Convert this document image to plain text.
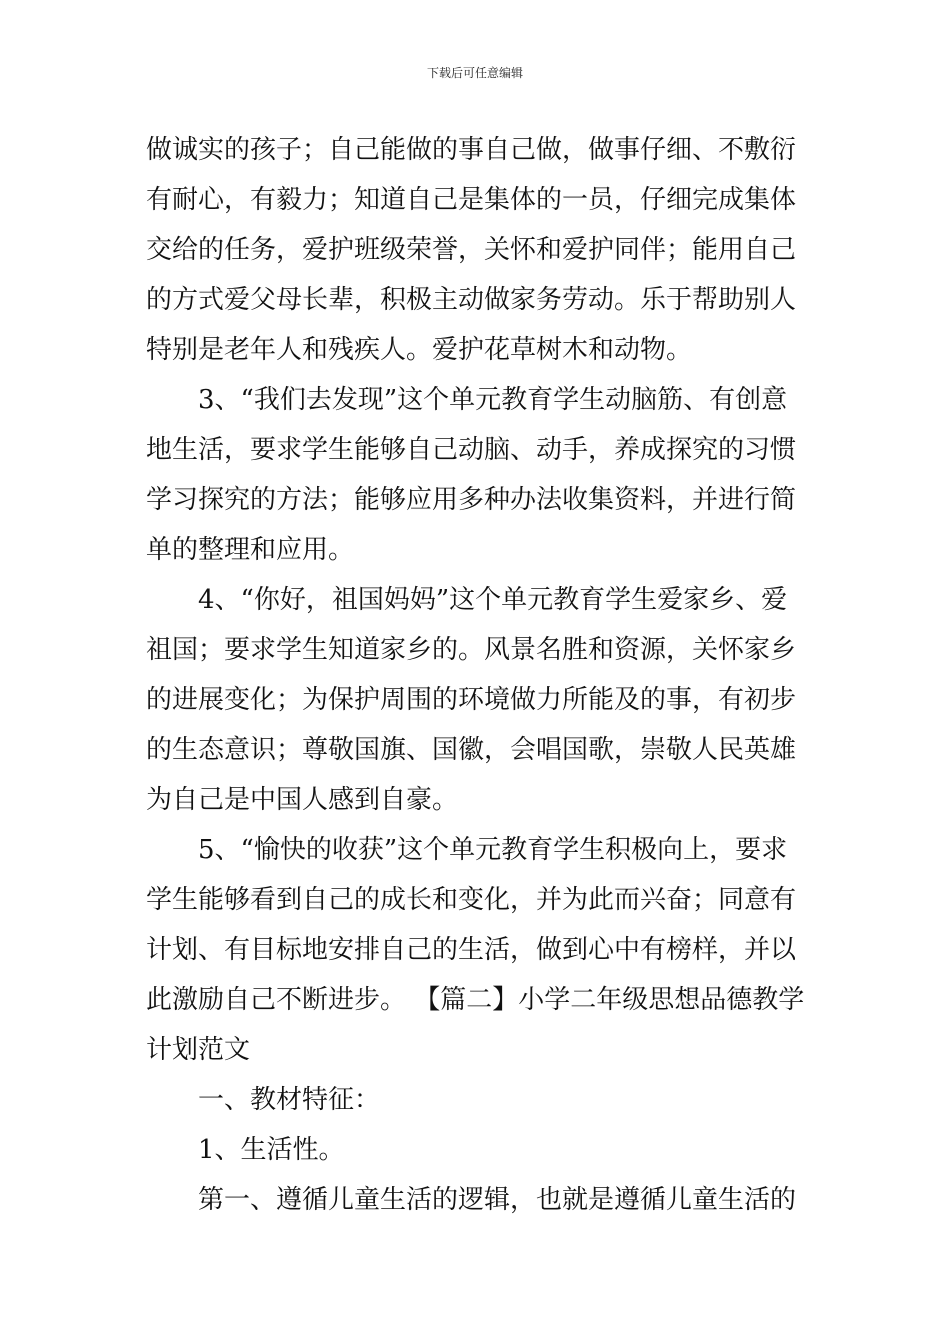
下载后可任意编辑
做诚实的孩子；自己能做的事自己做，做事仔细、不敷衍
有耐心，有毅力；知道自己是集体的一员，仔细完成集体
交给的任务，爱护班级荣誉，关怀和爱护同伴；能用自己
的方式爱父母长辈，积极主动做家务劳动。乐于帮助别人
特别是老年人和残疾人。爱护花草树木和动物。
3、“我们去发现”这个单元教育学生动脑筋、有创意
地生活，要求学生能够自己动脑、动手，养成探究的习惯
学习探究的方法；能够应用多种办法收集资料，并进行简
单的整理和应用。
4、“你好，祖国妈妈”这个单元教育学生爱家乡、爱
祖国；要求学生知道家乡的。风景名胜和资源，关怀家乡
的进展变化；为保护周围的环境做力所能及的事，有初步
的生态意识；尊敬国旗、国徽，会唱国歌，崇敬人民英雄
为自己是中国人感到自豪。
5、“愉快的收获”这个单元教育学生积极向上，要求
学生能够看到自己的成长和变化，并为此而兴奋；同意有
计划、有目标地安排自己的生活，做到心中有榜样，并以
此激励自己不断进步。 【篇二】小学二年级思想品德教学
计划范文
一、教材特征：
1、生活性。
第一、遵循儿童生活的逻辑，也就是遵循儿童生活的
